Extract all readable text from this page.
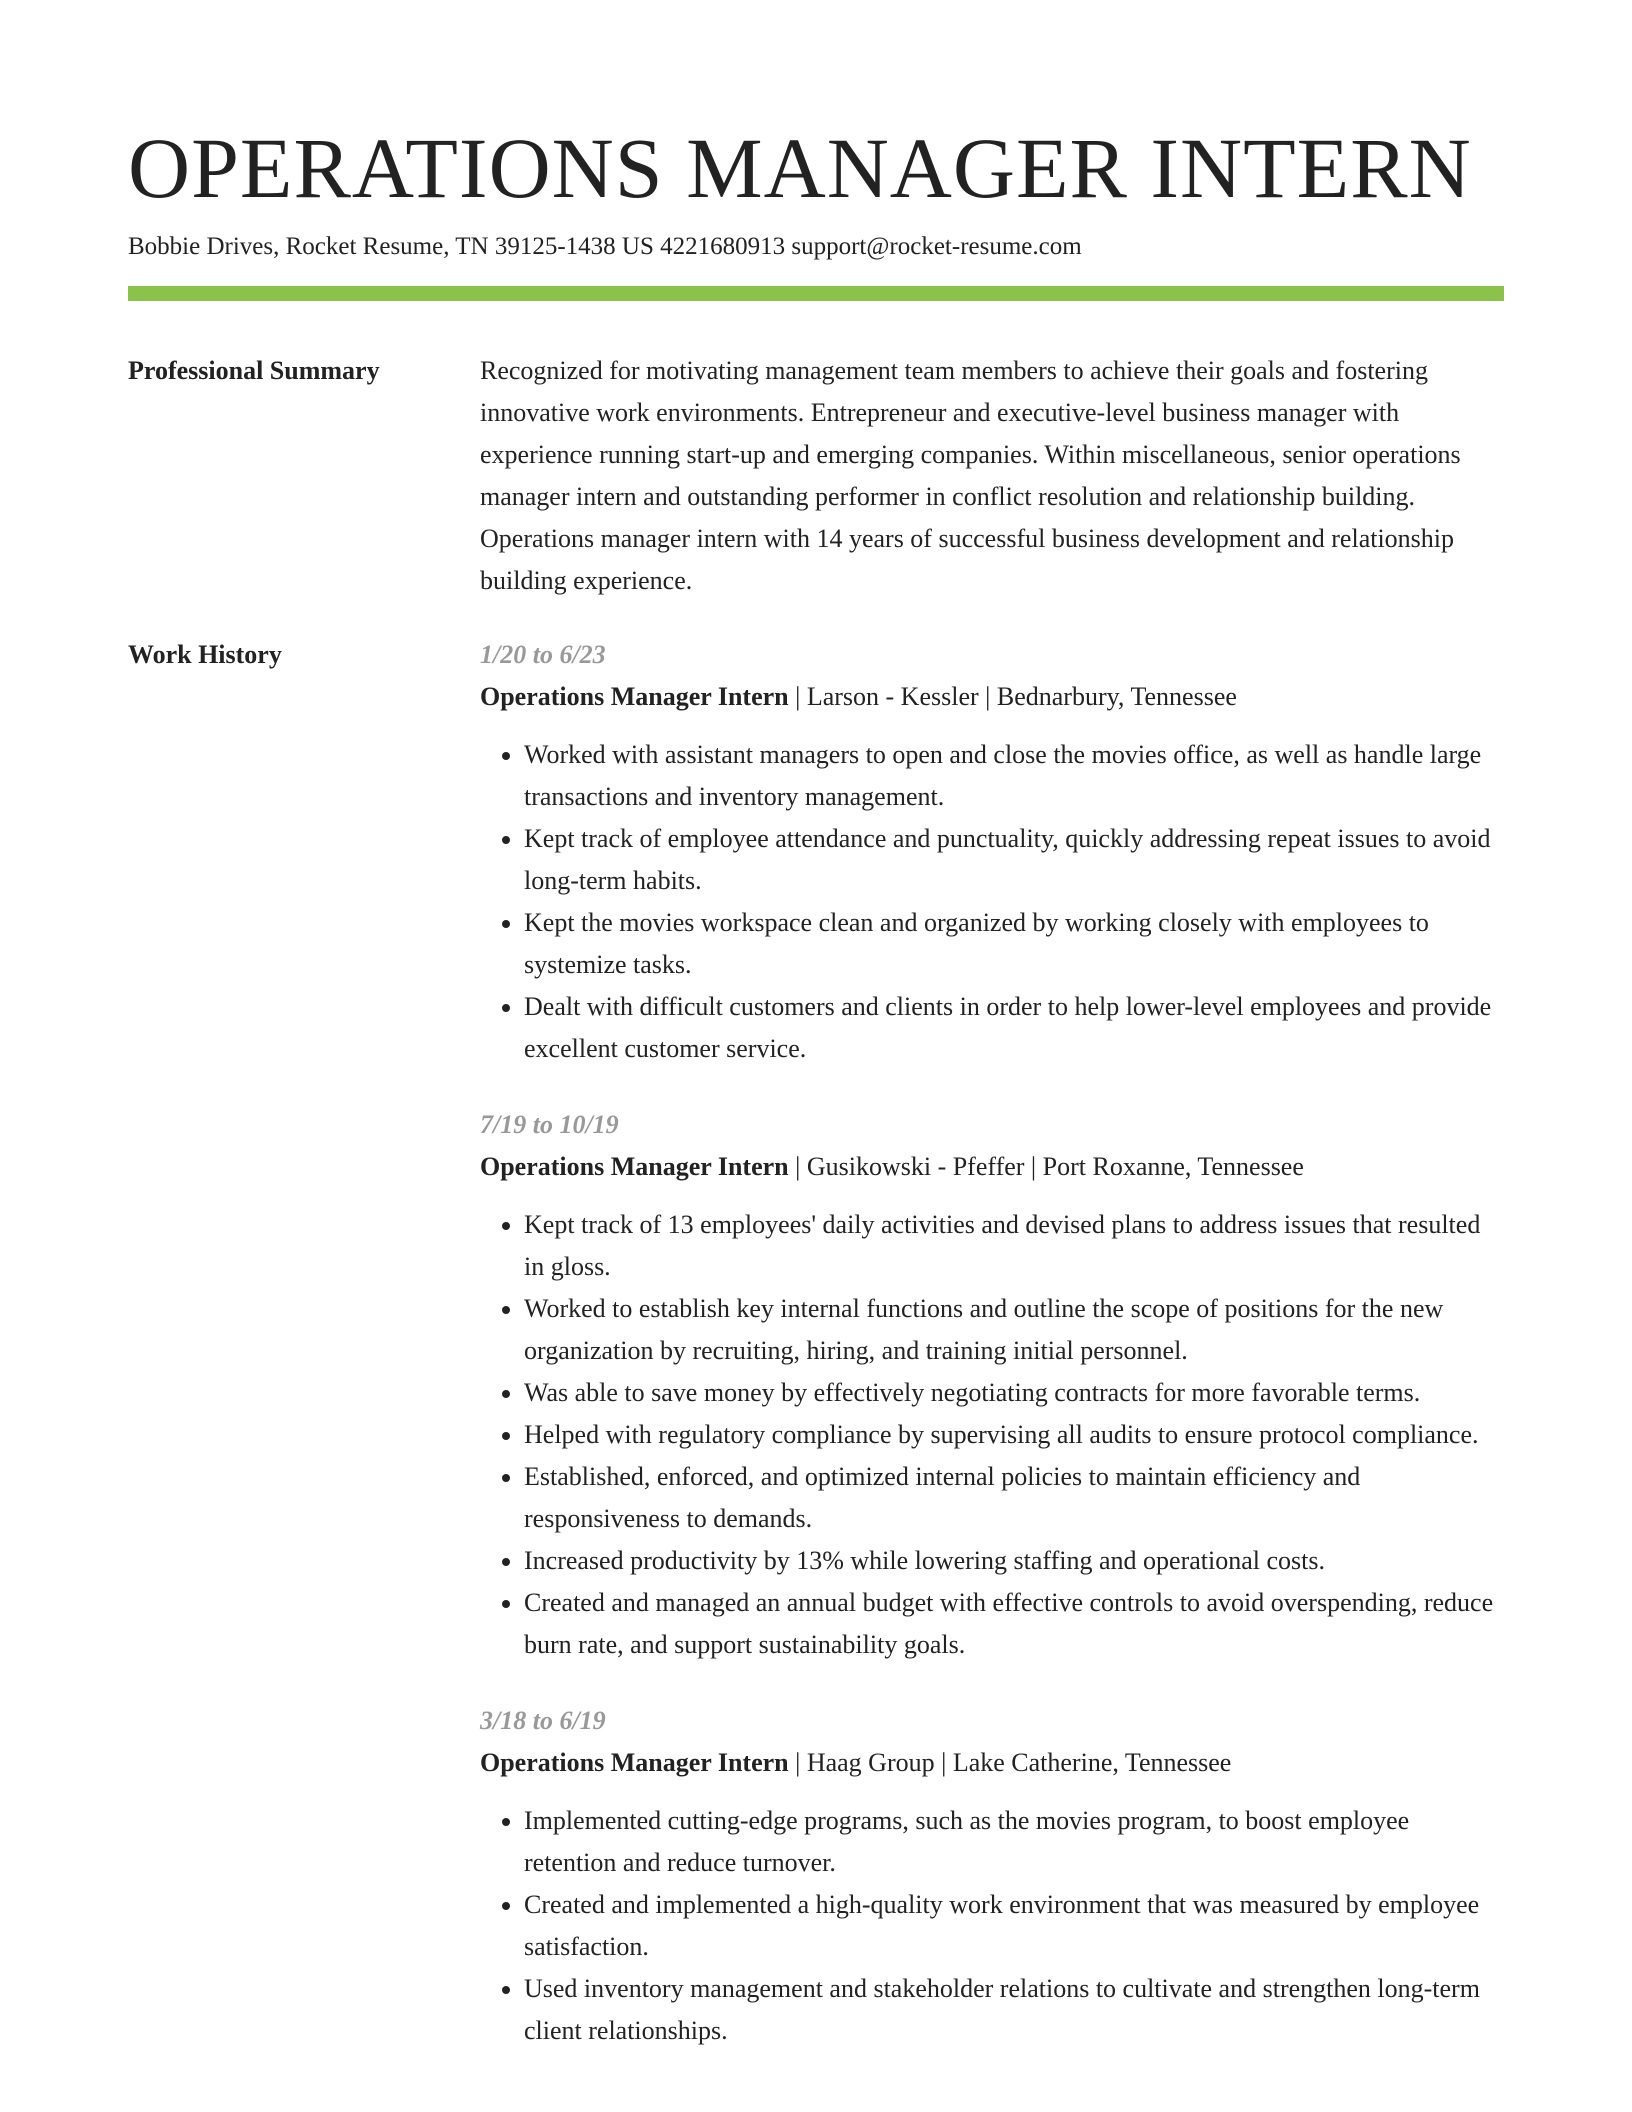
OPERATIONS MANAGER INTERN

Bobbie Drives, Rocket Resume, TN 39125-1438 US 4221680913 support@rocket-resume.com

Professional Summary	Recognized for motivating management team members to achieve their goals and fostering innovative work environments. Entrepreneur and executive-level business manager with experience running start-up and emerging companies. Within miscellaneous, senior operations manager intern and outstanding performer in conflict resolution and relationship building. Operations manager intern with 14 years of successful business development and relationship building experience.

Work History	1/20 to 6/23
Operations Manager Intern | Larson - Kessler | Bednarbury, Tennessee
• Worked with assistant managers to open and close the movies office, as well as handle large transactions and inventory management.
• Kept track of employee attendance and punctuality, quickly addressing repeat issues to avoid long-term habits.
• Kept the movies workspace clean and organized by working closely with employees to systemize tasks.
• Dealt with difficult customers and clients in order to help lower-level employees and provide excellent customer service.
7/19 to 10/19
Operations Manager Intern | Gusikowski - Pfeffer | Port Roxanne, Tennessee
• Kept track of 13 employees' daily activities and devised plans to address issues that resulted in gloss.
• Worked to establish key internal functions and outline the scope of positions for the new organization by recruiting, hiring, and training initial personnel.
• Was able to save money by effectively negotiating contracts for more favorable terms.
• Helped with regulatory compliance by supervising all audits to ensure protocol compliance.
• Established, enforced, and optimized internal policies to maintain efficiency and responsiveness to demands.
• Increased productivity by 13% while lowering staffing and operational costs.
• Created and managed an annual budget with effective controls to avoid overspending, reduce burn rate, and support sustainability goals.
3/18 to 6/19
Operations Manager Intern | Haag Group | Lake Catherine, Tennessee
• Implemented cutting-edge programs, such as the movies program, to boost employee retention and reduce turnover.
• Created and implemented a high-quality work environment that was measured by employee satisfaction.
• Used inventory management and stakeholder relations to cultivate and strengthen long-term client relationships.
